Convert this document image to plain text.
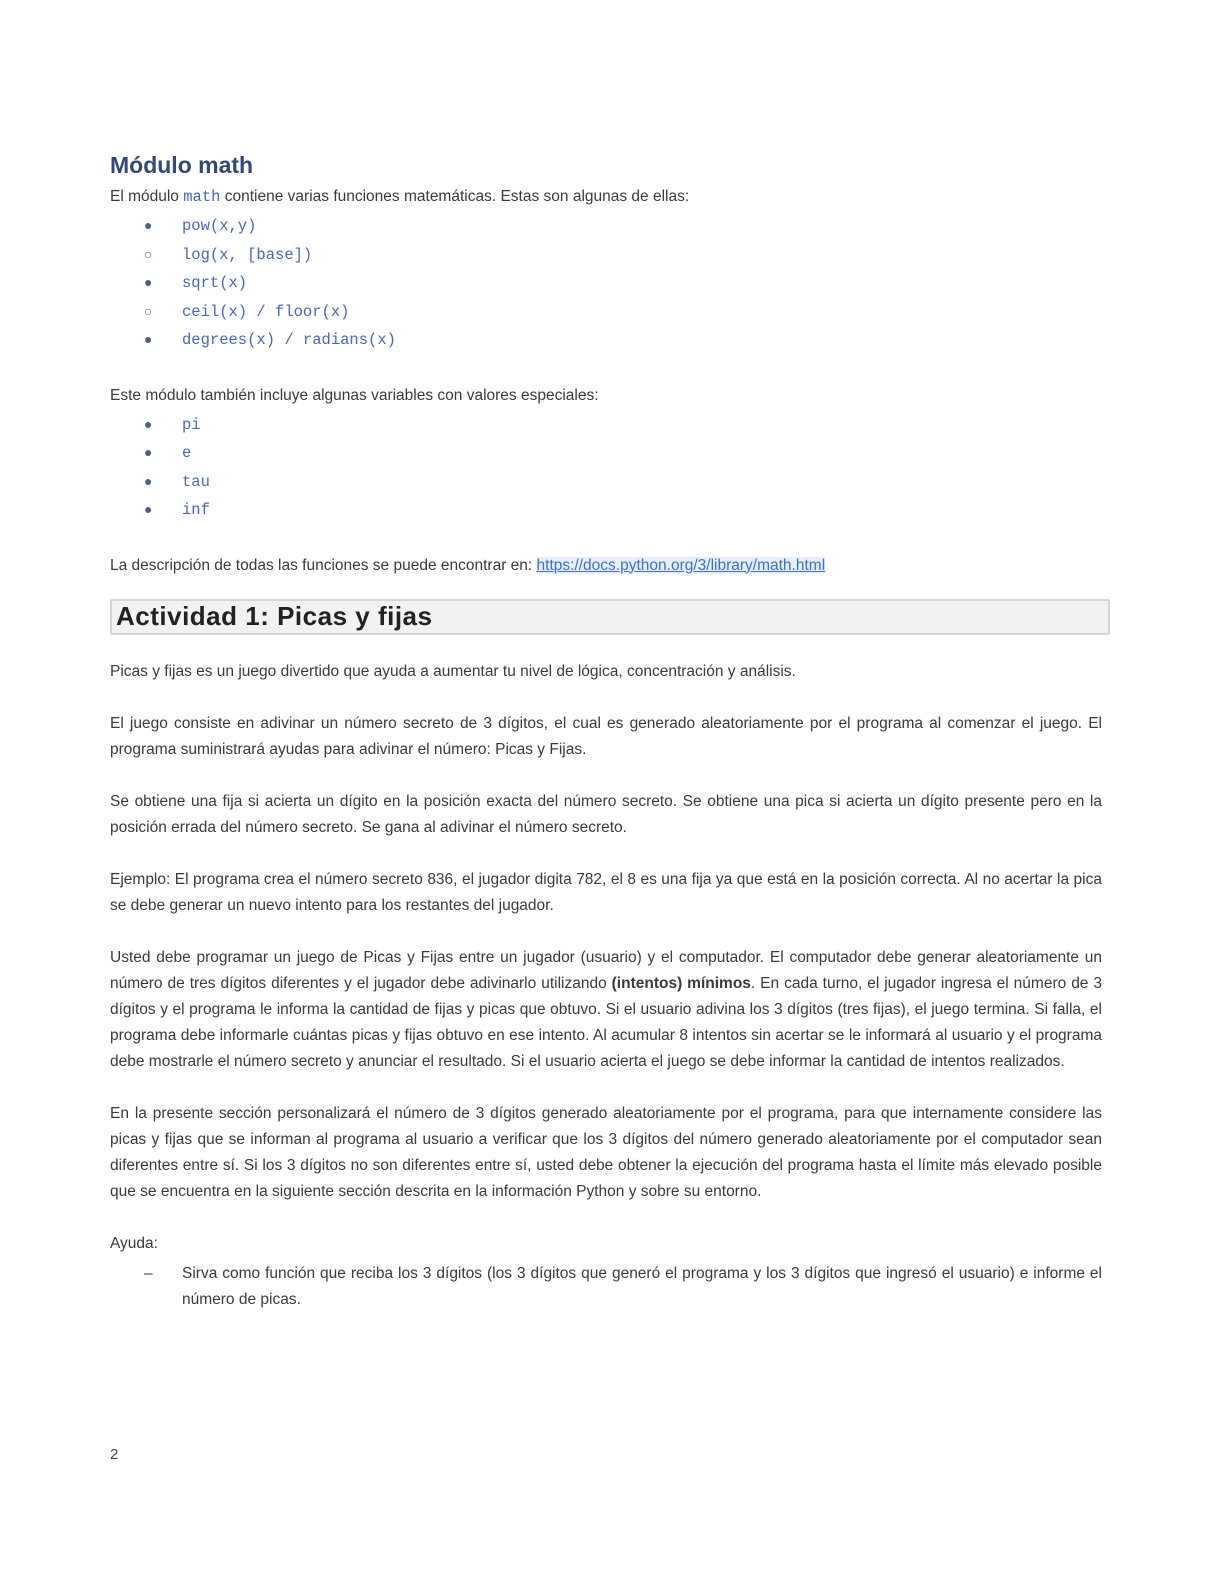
Módulo math

El módulo math contiene varias funciones matemáticas. Estas son algunas de ellas:

● pow(x,y)
○ log(x, [base])
● sqrt(x)
○ ceil(x) / floor(x)
● degrees(x) / radians(x)

Este módulo también incluye algunas variables con valores especiales:

● pi
● e
● tau
● inf

La descripción de todas las funciones se puede encontrar en: https://docs.python.org/3/library/math.html

Actividad 1: Picas y fijas

Picas y fijas es un juego divertido que ayuda a aumentar tu nivel de lógica, concentración y análisis.

El juego consiste en adivinar un número secreto de 3 dígitos, el cual es generado aleatoriamente por el programa al comenzar el juego. El programa suministrará ayudas para adivinar el número: Picas y Fijas.

Se obtiene una fija si acierta un dígito en la posición exacta del número secreto. Se obtiene una pica si acierta un dígito presente pero en la posición errada del número secreto. Se gana al adivinar el número secreto.

Ejemplo: El programa crea el número secreto 836, el jugador digita 782, el 8 es una fija ya que está en la posición correcta. Al no acertar la pica se debe generar un nuevo intento para los restantes del jugador.

Usted debe programar un juego de Picas y Fijas entre un jugador (usuario) y el computador. El computador debe generar aleatoriamente un número de tres dígitos diferentes y el jugador debe adivinarlo utilizando (intentos) mínimos. En cada turno, el jugador ingresa el número de 3 dígitos y el programa le informa la cantidad de fijas y picas que obtuvo. Si el usuario adivina los 3 dígitos (tres fijas), el juego termina. Si falla, el programa debe informarle cuántas picas y fijas obtuvo en ese intento. Al acumular 8 intentos sin acertar se le informará al usuario y el programa debe mostrarle el número secreto y anunciar el resultado. Si el usuario acierta el juego se debe informar la cantidad de intentos realizados.

En la presente sección personalizará el número de 3 dígitos generado aleatoriamente por el programa, para que internamente considere las picas y fijas que se informan al programa al usuario a verificar que los 3 dígitos del número generado aleatoriamente por el computador sean diferentes entre sí. Si los 3 dígitos no son diferentes entre sí, usted debe obtener la ejecución del programa hasta el límite más elevado posible que se encuentra en la siguiente sección descrita en la información Python y sobre su entorno.

Ayuda:

– Sirva como función que reciba los 3 dígitos (los 3 dígitos que generó el programa y los 3 dígitos que ingresó el usuario) e informe el número de picas.
2
